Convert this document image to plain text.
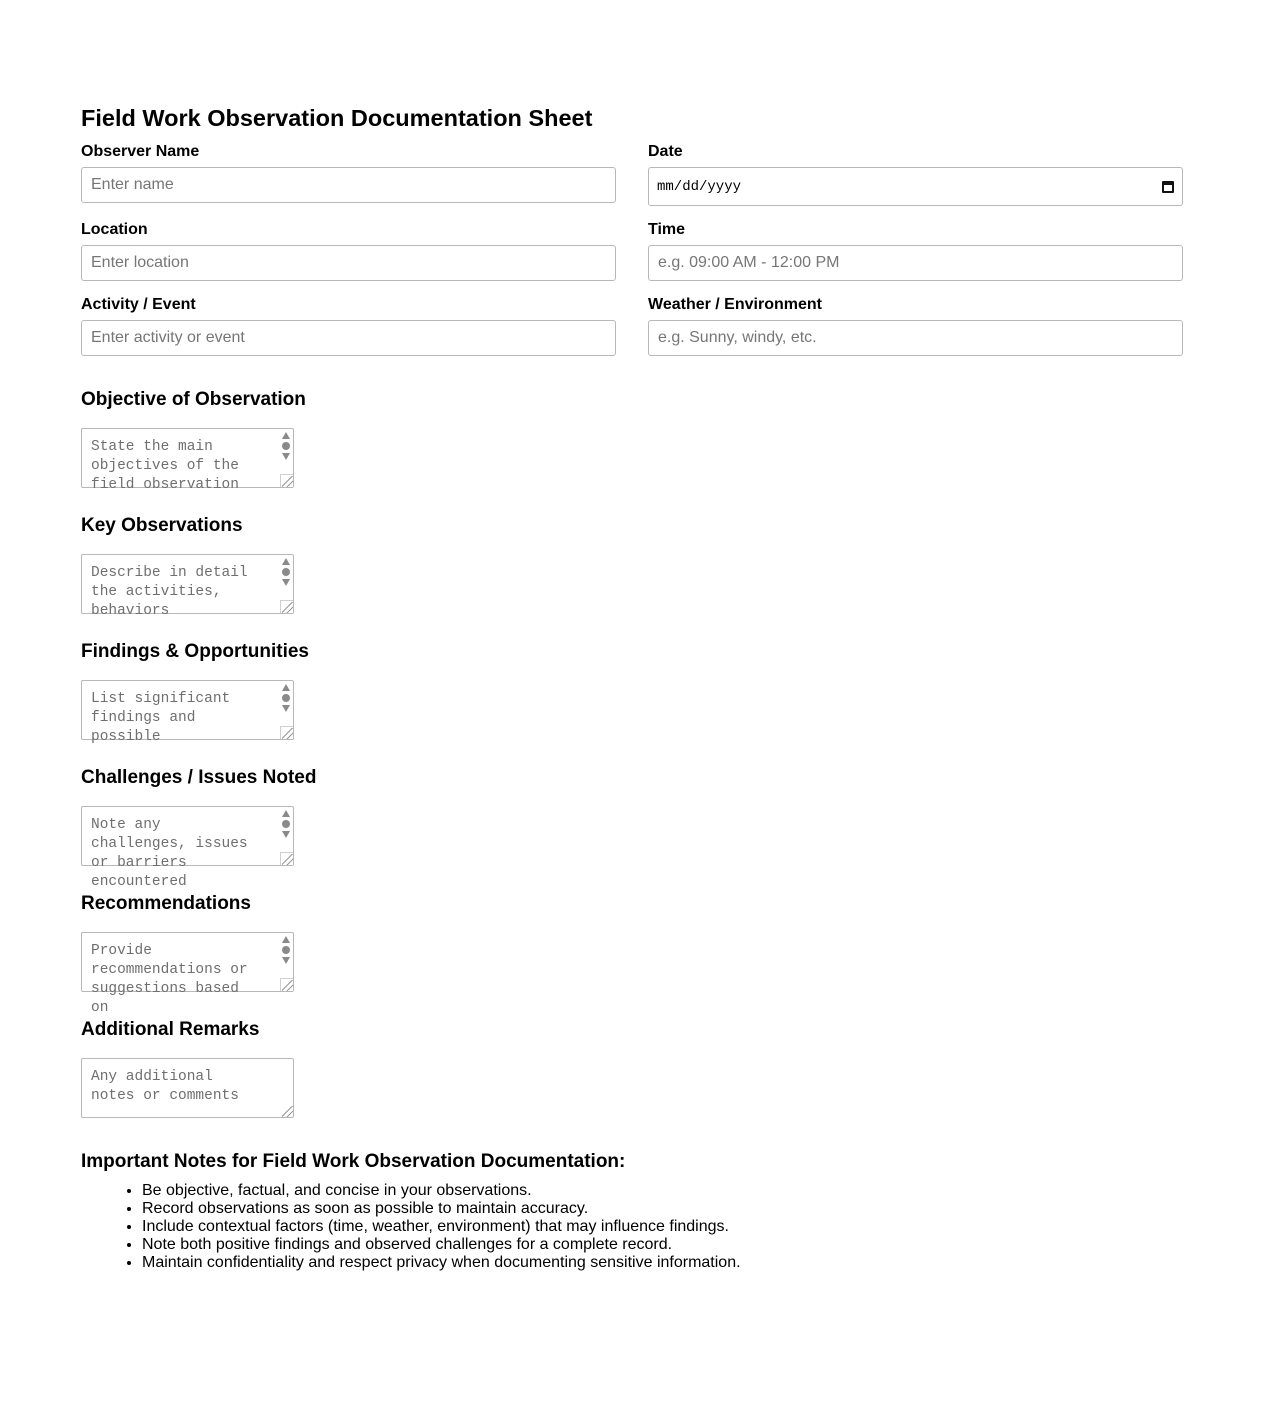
Field Work Observation Documentation Sheet
Observer Name
Enter name	Date
mm/dd/yyyy
Location
Enter location	Time
e.g. 09:00 AM - 12:00 PM
Activity / Event
Enter activity or event	Weather / Environment
e.g. Sunny, windy, etc.
Objective of Observation
State the main objectives of the field observation
Key Observations
Describe in detail the activities, behaviors
Findings & Opportunities
List significant findings and possible
Challenges / Issues Noted
Note any challenges, issues or barriers encountered
Recommendations
Provide recommendations or suggestions based on
Additional Remarks
Any additional notes or comments
Important Notes for Field Work Observation Documentation:
• Be objective, factual, and concise in your observations.
• Record observations as soon as possible to maintain accuracy.
• Include contextual factors (time, weather, environment) that may influence findings.
• Note both positive findings and observed challenges for a complete record.
• Maintain confidentiality and respect privacy when documenting sensitive information.
